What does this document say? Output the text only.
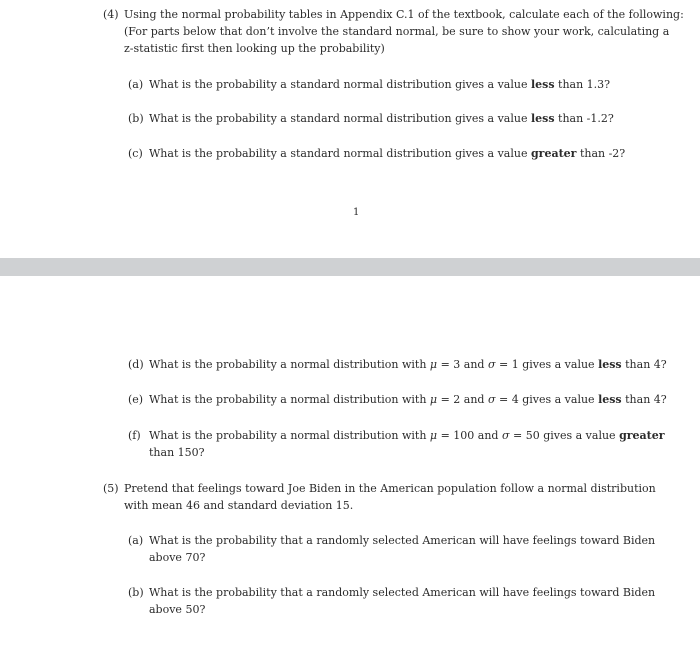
(4) Using the normal probability tables in Appendix C.1 of the textbook, calculate each of the following:
(For parts below that don’t involve the standard normal, be sure to show your work, calculating a
z-statistic first then looking up the probability)
(a) What is the probability a standard normal distribution gives a value less than 1.3?
(b) What is the probability a standard normal distribution gives a value less than -1.2?
(c) What is the probability a standard normal distribution gives a value greater than -2?
1
(d) What is the probability a normal distribution with μ = 3 and σ = 1 gives a value less than 4?
(e) What is the probability a normal distribution with μ = 2 and σ = 4 gives a value less than 4?
(f) What is the probability a normal distribution with μ = 100 and σ = 50 gives a value greater
than 150?
(5) Pretend that feelings toward Joe Biden in the American population follow a normal distribution
with mean 46 and standard deviation 15.
(a) What is the probability that a randomly selected American will have feelings toward Biden
above 70?
(b) What is the probability that a randomly selected American will have feelings toward Biden
above 50?
